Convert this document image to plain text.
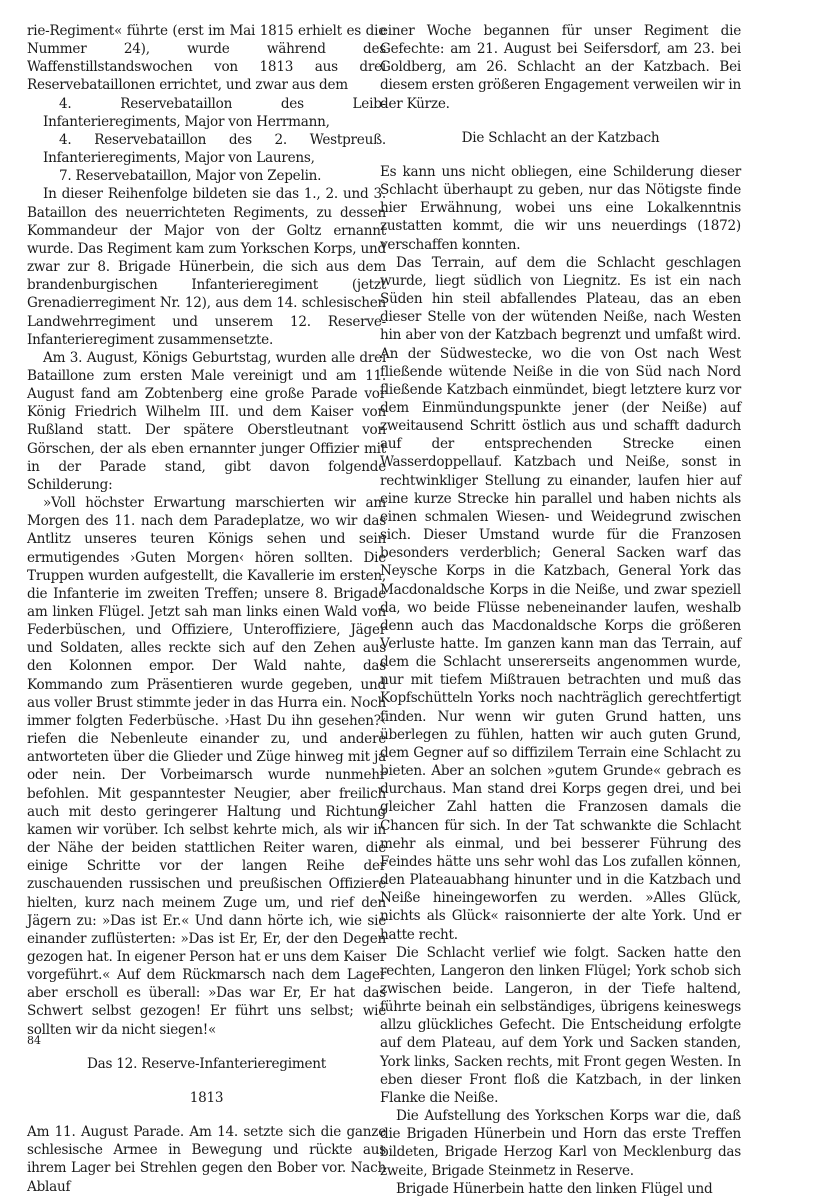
rie-Regiment« führte (erst im Mai 1815 erhielt es die Nummer 24), wurde während des Waffenstillstandswochen von 1813 aus drei Reservebataillonen errichtet, und zwar aus dem

4. Reservebataillon des Leib-Infanterieregiments, Major von Herrmann,

4. Reservebataillon des 2. Westpreuß. Infanterieregiments, Major von Laurens,

7. Reservebataillon, Major von Zepelin.

In dieser Reihenfolge bildeten sie das 1., 2. und 3. Bataillon des neuerrichteten Regiments, zu dessen Kommandeur der Major von der Goltz ernannt wurde. Das Regiment kam zum Yorkschen Korps, und zwar zur 8. Brigade Hünerbein, die sich aus dem brandenburgischen Infanterieregiment (jetzt Grenadierregiment Nr. 12), aus dem 14. schlesischen Landwehrregiment und unserem 12. Reserve-Infanterieregiment zusammensetzte.

Am 3. August, Königs Geburtstag, wurden alle drei Bataillone zum ersten Male vereinigt und am 11. August fand am Zobtenberg eine große Parade vor König Friedrich Wilhelm III. und dem Kaiser von Rußland statt. Der spätere Oberstleutnant von Görschen, der als eben ernannter junger Offizier mit in der Parade stand, gibt davon folgende Schilderung:

»Voll höchster Erwartung marschierten wir am Morgen des 11. nach dem Paradeplatze, wo wir das Antlitz unseres teuren Königs sehen und sein ermutigendes ›Guten Morgen‹ hören sollten. Die Truppen wurden aufgestellt, die Kavallerie im ersten, die Infanterie im zweiten Treffen; unsere 8. Brigade am linken Flügel. Jetzt sah man links einen Wald von Federbüschen, und Offiziere, Unteroffiziere, Jäger und Soldaten, alles reckte sich auf den Zehen aus den Kolonnen empor. Der Wald nahte, das Kommando zum Präsentieren wurde gegeben, und aus voller Brust stimmte jeder in das Hurra ein. Noch immer folgten Federbüsche. ›Hast Du ihn gesehen?‹ riefen die Nebenleute einander zu, und andere antworteten über die Glieder und Züge hinweg mit ja oder nein. Der Vorbeimarsch wurde nunmehr befohlen. Mit gespanntester Neugier, aber freilich auch mit desto geringerer Haltung und Richtung kamen wir vorüber. Ich selbst kehrte mich, als wir in der Nähe der beiden stattlichen Reiter waren, die einige Schritte vor der langen Reihe der zuschauenden russischen und preußischen Offiziere hielten, kurz nach meinem Zuge um, und rief den Jägern zu: »Das ist Er.« Und dann hörte ich, wie sie einander zuflüsterten: »Das ist Er, Er, der den Degen gezogen hat. In eigener Person hat er uns dem Kaiser vorgeführt.« Auf dem Rückmarsch nach dem Lager aber erscholl es überall: »Das war Er, Er hat das Schwert selbst gezogen! Er führt uns selbst; wie sollten wir da nicht siegen!«

Das 12. Reserve-Infanterieregiment
1813

Am 11. August Parade. Am 14. setzte sich die ganze schlesische Armee in Bewegung und rückte aus ihrem Lager bei Strehlen gegen den Bober vor. Nach Ablauf

einer Woche begannen für unser Regiment die Gefechte: am 21. August bei Seifersdorf, am 23. bei Goldberg, am 26. Schlacht an der Katzbach. Bei diesem ersten größeren Engagement verweilen wir in der Kürze.

Die Schlacht an der Katzbach

Es kann uns nicht obliegen, eine Schilderung dieser Schlacht überhaupt zu geben, nur das Nötigste finde hier Erwähnung, wobei uns eine Lokalkenntnis zustatten kommt, die wir uns neuerdings (1872) verschaffen konnten.

Das Terrain, auf dem die Schlacht geschlagen wurde, liegt südlich von Liegnitz. Es ist ein nach Süden hin steil abfallendes Plateau, das an eben dieser Stelle von der wütenden Neiße, nach Westen hin aber von der Katzbach begrenzt und umfaßt wird. An der Südwestecke, wo die von Ost nach West fließende wütende Neiße in die von Süd nach Nord fließende Katzbach einmündet, biegt letztere kurz vor dem Einmündungspunkte jener (der Neiße) auf zweitausend Schritt östlich aus und schafft dadurch auf der entsprechenden Strecke einen Wasserdoppellauf. Katzbach und Neiße, sonst in rechtwinkliger Stellung zu einander, laufen hier auf eine kurze Strecke hin parallel und haben nichts als einen schmalen Wiesen- und Weidegrund zwischen sich. Dieser Umstand wurde für die Franzosen besonders verderblich; General Sacken warf das Neysche Korps in die Katzbach, General York das Macdonaldsche Korps in die Neiße, und zwar speziell da, wo beide Flüsse nebeneinander laufen, weshalb denn auch das Macdonaldsche Korps die größeren Verluste hatte. Im ganzen kann man das Terrain, auf dem die Schlacht unsererseits angenommen wurde, nur mit tiefem Mißtrauen betrachten und muß das Kopfschütteln Yorks noch nachträglich gerechtfertigt finden. Nur wenn wir guten Grund hatten, uns überlegen zu fühlen, hatten wir auch guten Grund, dem Gegner auf so diffizilem Terrain eine Schlacht zu bieten. Aber an solchen »gutem Grunde« gebrach es durchaus. Man stand drei Korps gegen drei, und bei gleicher Zahl hatten die Franzosen damals die Chancen für sich. In der Tat schwankte die Schlacht mehr als einmal, und bei besserer Führung des Feindes hätte uns sehr wohl das Los zufallen können, den Plateauabhang hinunter und in die Katzbach und Neiße hineingeworfen zu werden. »Alles Glück, nichts als Glück« raisonnierte der alte York. Und er hatte recht.

Die Schlacht verlief wie folgt. Sacken hatte den rechten, Langeron den linken Flügel; York schob sich zwischen beide. Langeron, in der Tiefe haltend, führte beinah ein selbständiges, übrigens keineswegs allzu glückliches Gefecht. Die Entscheidung erfolgte auf dem Plateau, auf dem York und Sacken standen, York links, Sacken rechts, mit Front gegen Westen. In eben dieser Front floß die Katzbach, in der linken Flanke die Neiße.

Die Aufstellung des Yorkschen Korps war die, daß die Brigaden Hünerbein und Horn das erste Treffen bildeten, Brigade Herzog Karl von Mecklenburg das zweite, Brigade Steinmetz in Reserve.

Brigade Hünerbein hatte den linken Flügel und

84
